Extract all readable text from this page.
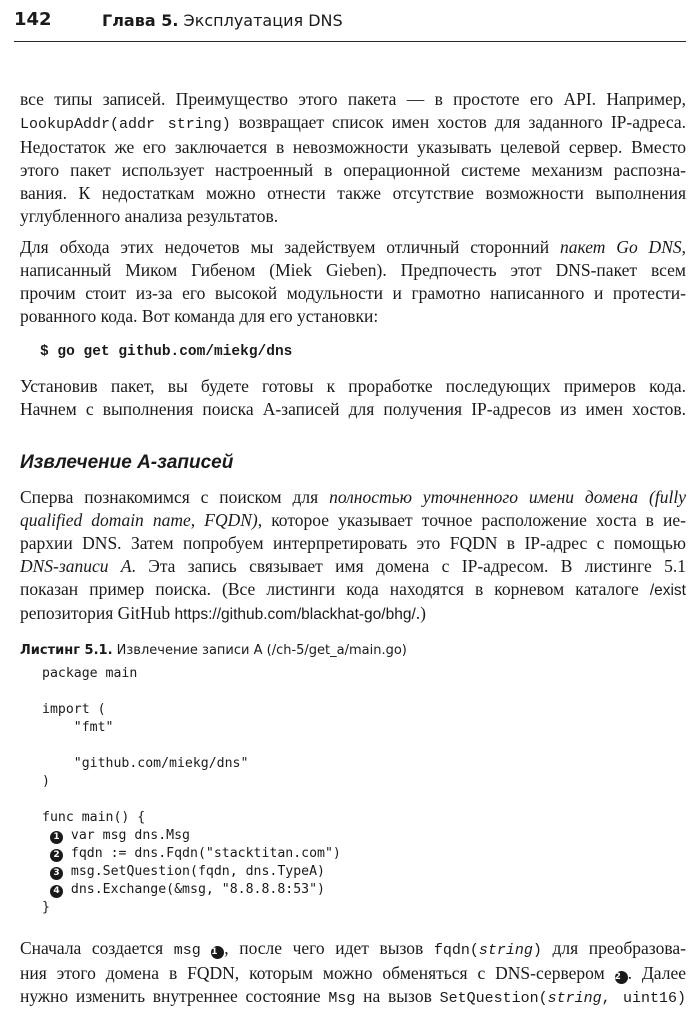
142	Глава 5. Эксплуатация DNS
все типы записей. Преимущество этого пакета — в простоте его API. Например,
LookupAddr(addr string) возвращает список имен хостов для заданного IP-адреса.
Недостаток же его заключается в невозможности указывать целевой сервер. Вместо
этого пакет использует настроенный в операционной системе механизм распозна-
вания. К недостаткам можно отнести также отсутствие возможности выполнения
углубленного анализа результатов.
Для обхода этих недочетов мы задействуем отличный сторонний пакет Go DNS,
написанный Миком Гибеном (Miek Gieben). Предпочесть этот DNS-пакет всем
прочим стоит из-за его высокой модульности и грамотно написанного и протести-
рованного кода. Вот команда для его установки:
$ go get github.com/miekg/dns
Установив пакет, вы будете готовы к проработке последующих примеров кода.
Начнем с выполнения поиска A-записей для получения IP-адресов из имен хостов.
Извлечение A-записей
Сперва познакомимся с поиском для полностью уточненного имени домена (fully
qualified domain name, FQDN), которое указывает точное расположение хоста в ие-
рархии DNS. Затем попробуем интерпретировать это FQDN в IP-адрес с помощью
DNS-записи A. Эта запись связывает имя домена с IP-адресом. В листинге 5.1
показан пример поиска. (Все листинги кода находятся в корневом каталоге /exist
репозитория GitHub https://github.com/blackhat-go/bhg/.)
Листинг 5.1. Извлечение записи A (/ch-5/get_a/main.go)
package main
import (
"fmt"
"github.com/miekg/dns"
)
func main() {
1 var msg dns.Msg
2 fqdn := dns.Fqdn("stacktitan.com")
3 msg.SetQuestion(fqdn, dns.TypeA)
4 dns.Exchange(&msg, "8.8.8.8:53")
}
Сначала создается msg 1 , после чего идет вызов fqdn(string) для преобразова-
ния этого домена в FQDN, которым можно обменяться с DNS-сервером 2 . Далее
нужно изменить внутреннее состояние Msg на вызов SetQuestion(string, uint16)
